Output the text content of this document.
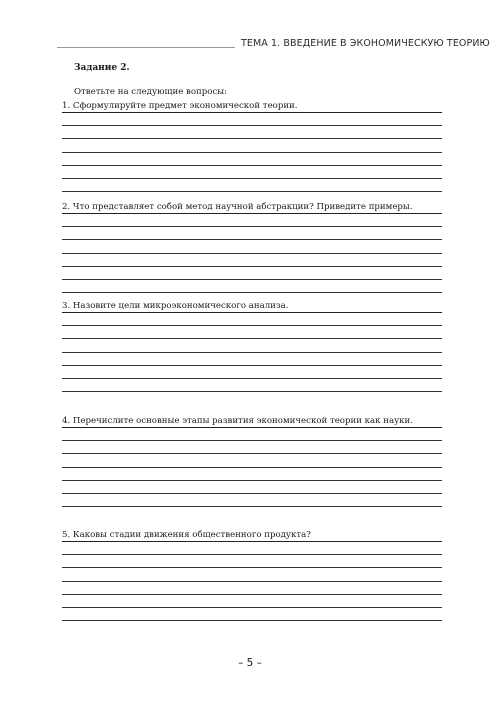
ТЕМА 1. ВВЕДЕНИЕ В ЭКОНОМИЧЕСКУЮ ТЕОРИЮ
Задание 2.
Ответьте на следующие вопросы:
1. Сформулируйте предмет экономической теории.
2. Что представляет собой метод научной абстракции? Приведите примеры.
3. Назовите цели микроэкономического анализа.
4. Перечислите основные этапы развития экономической теории как науки.
5. Каковы стадии движения общественного продукта?
– 5 –
